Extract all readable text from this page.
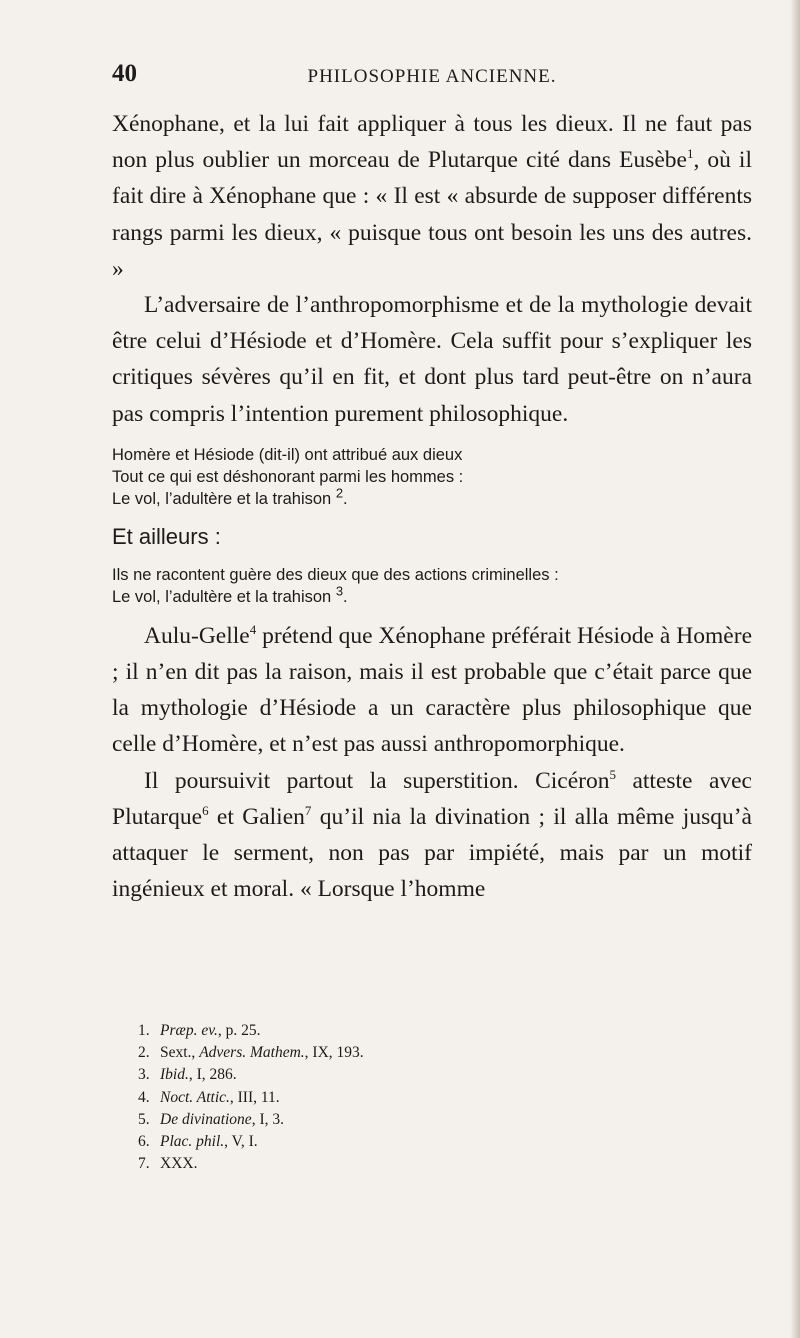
40	PHILOSOPHIE ANCIENNE.

Xénophane, et la lui fait appliquer à tous les dieux. Il ne faut pas non plus oublier un morceau de Plutarque cité dans Eusèbe$^1$, où il fait dire à Xénophane que : « Il est « absurde de supposer différents rangs parmi les dieux, « puisque tous ont besoin les uns des autres. »

L’adversaire de l’anthropomorphisme et de la mythologie devait être celui d’Hésiode et d’Homère. Cela suffit pour s’expliquer les critiques sévères qu’il en fit, et dont plus tard peut-être on n’aura pas compris l’intention purement philosophique.

Homère et Hésiode (dit-il) ont attribué aux dieux
Tout ce qui est déshonorant parmi les hommes :
Le vol, l’adultère et la trahison $^2$.
Et ailleurs :
Ils ne racontent guère des dieux que des actions criminelles :
Le vol, l’adultère et la trahison $^3$.

Aulu-Gelle$^4$ prétend que Xénophane préférait Hésiode à Homère ; il n’en dit pas la raison, mais il est probable que c’était parce que la mythologie d’Hésiode a un caractère plus philosophique que celle d’Homère, et n’est pas aussi anthropomorphique.

Il poursuivit partout la superstition. Cicéron$^5$ atteste avec Plutarque$^6$ et Galien$^7$ qu’il nia la divination ; il alla même jusqu’à attaquer le serment, non pas par impiété, mais par un motif ingénieux et moral. « Lorsque l’homme

1. Præp. ev., p. 25.
2. Sext., Advers. Mathem., IX, 193.
3. Ibid., I, 286.
4. Noct. Attic., III, 11.
5. De divinatione, I, 3.
6. Plac. phil., V, I.
7. XXX.
